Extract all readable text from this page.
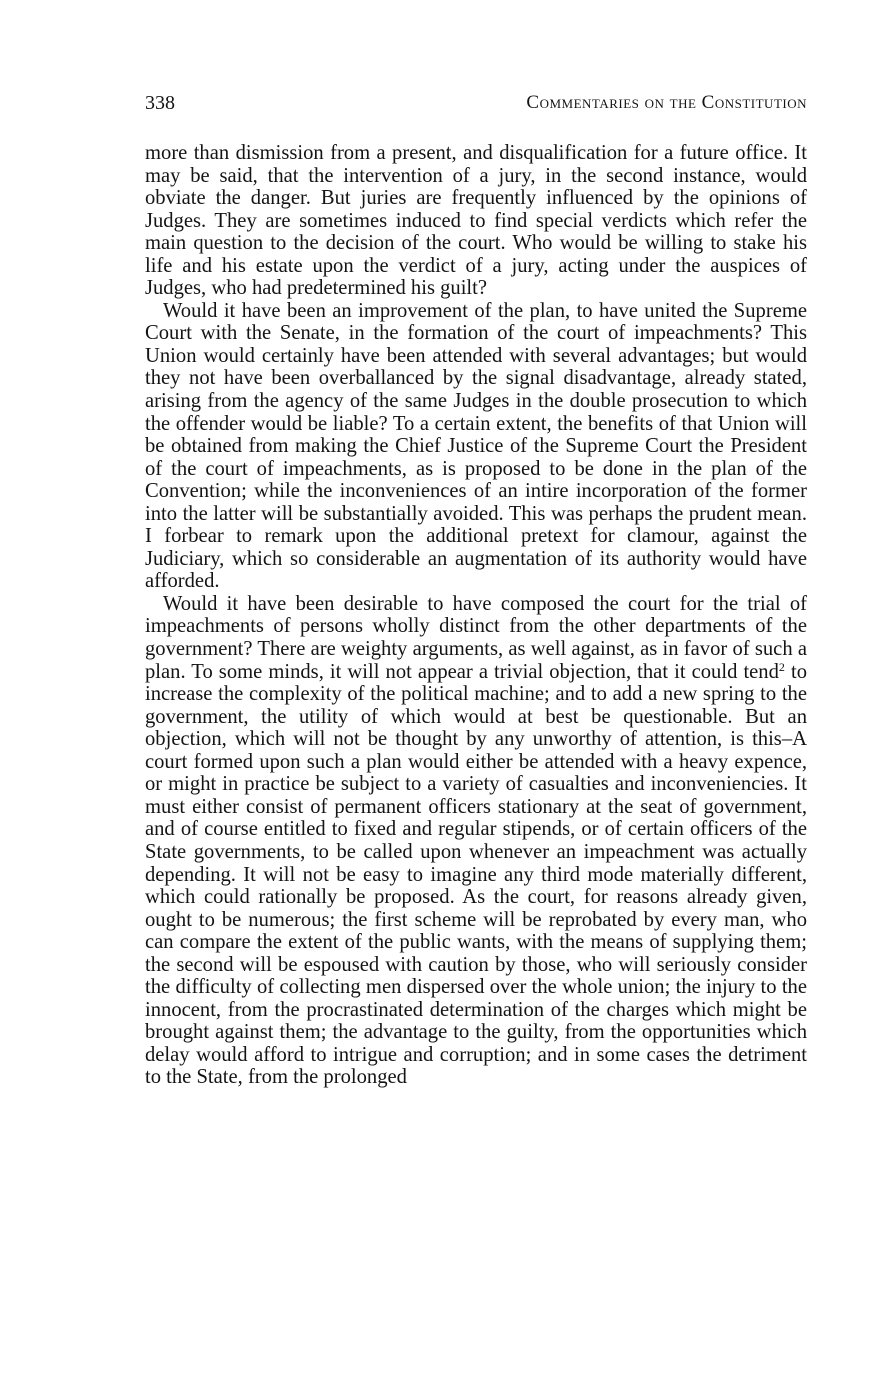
338	Commentaries on the Constitution

more than dismission from a present, and disqualification for a future office. It may be said, that the intervention of a jury, in the second instance, would obviate the danger. But juries are frequently influenced by the opinions of Judges. They are sometimes induced to find special verdicts which refer the main question to the decision of the court. Who would be willing to stake his life and his estate upon the verdict of a jury, acting under the auspices of Judges, who had predetermined his guilt?

Would it have been an improvement of the plan, to have united the Supreme Court with the Senate, in the formation of the court of impeachments? This Union would certainly have been attended with several advantages; but would they not have been overballanced by the signal disadvantage, already stated, arising from the agency of the same Judges in the double prosecution to which the offender would be liable? To a certain extent, the benefits of that Union will be obtained from making the Chief Justice of the Supreme Court the President of the court of impeachments, as is proposed to be done in the plan of the Convention; while the inconveniences of an intire incorporation of the former into the latter will be substantially avoided. This was perhaps the prudent mean. I forbear to remark upon the additional pretext for clamour, against the Judiciary, which so considerable an augmentation of its authority would have afforded.

Would it have been desirable to have composed the court for the trial of impeachments of persons wholly distinct from the other departments of the government? There are weighty arguments, as well against, as in favor of such a plan. To some minds, it will not appear a trivial objection, that it could tend$^2$ to increase the complexity of the political machine; and to add a new spring to the government, the utility of which would at best be questionable. But an objection, which will not be thought by any unworthy of attention, is this–A court formed upon such a plan would either be attended with a heavy expence, or might in practice be subject to a variety of casualties and inconveniencies. It must either consist of permanent officers stationary at the seat of government, and of course entitled to fixed and regular stipends, or of certain officers of the State governments, to be called upon whenever an impeachment was actually depending. It will not be easy to imagine any third mode materially different, which could rationally be proposed. As the court, for reasons already given, ought to be numerous; the first scheme will be reprobated by every man, who can compare the extent of the public wants, with the means of supplying them; the second will be espoused with caution by those, who will seriously consider the difficulty of collecting men dispersed over the whole union; the injury to the innocent, from the procrastinated determination of the charges which might be brought against them; the advantage to the guilty, from the opportunities which delay would afford to intrigue and corruption; and in some cases the detriment to the State, from the prolonged
